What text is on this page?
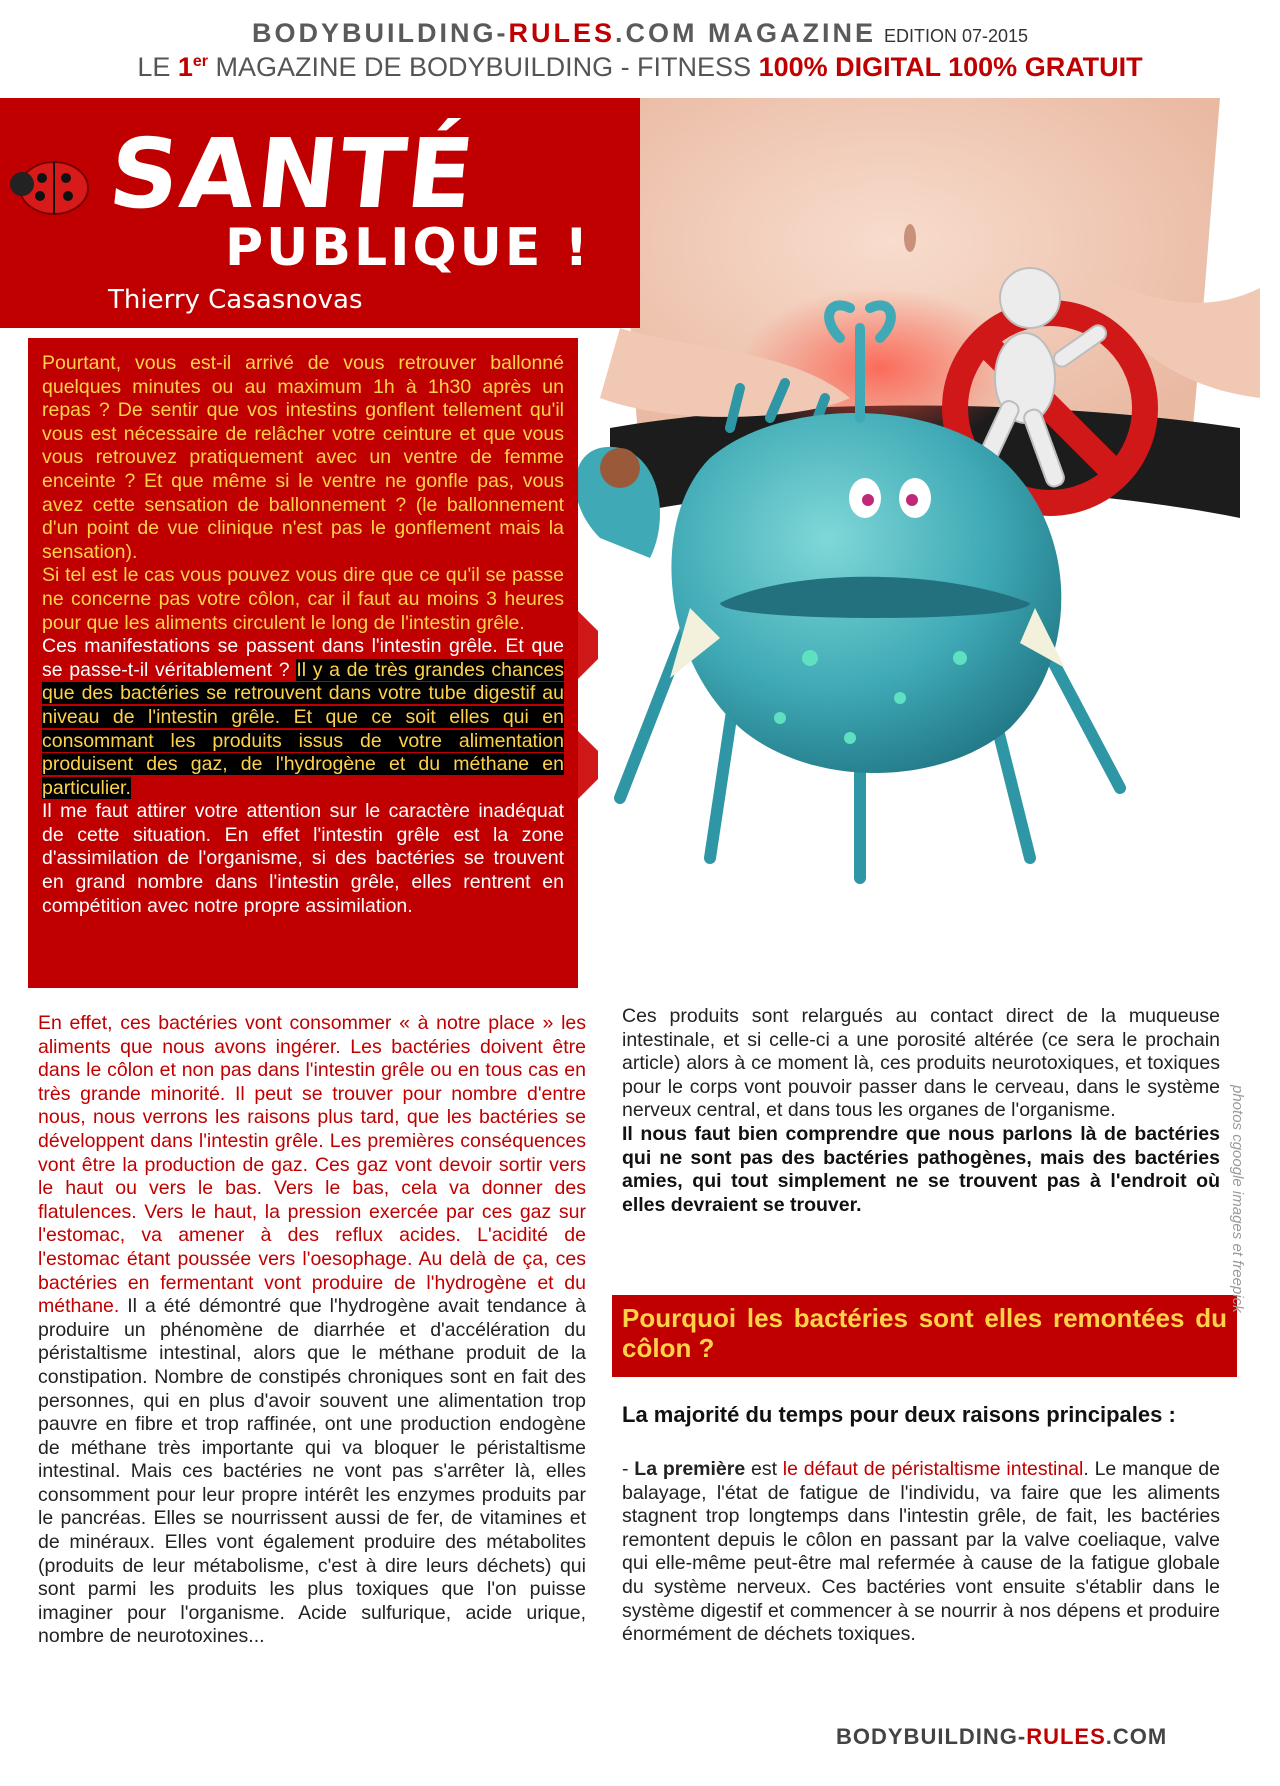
BODYBUILDING-RULES.COM MAGAZINE EDITION 07-2015
LE 1er MAGAZINE DE BODYBUILDING - FITNESS 100% DIGITAL 100% GRATUIT
SANTÉ
PUBLIQUE !
Thierry Casasnovas
Pourtant, vous est-il arrivé de vous retrouver ballonné quelques minutes ou au maximum 1h à 1h30 après un repas ? De sentir que vos intestins gonflent tellement qu'il vous est nécessaire de relâcher votre ceinture et que vous vous retrouvez pratiquement avec un ventre de femme enceinte ? Et que même si le ventre ne gonfle pas, vous avez cette sensation de ballonnement ? (le ballonnement d'un point de vue clinique n'est pas le gonflement mais la sensation).
Si tel est le cas vous pouvez vous dire que ce qu'il se passe ne concerne pas votre côlon, car il faut au moins 3 heures pour que les aliments circulent le long de l'intestin grêle.
Ces manifestations se passent dans l'intestin grêle. Et que se passe-t-il véritablement ? Il y a de très grandes chances que des bactéries se retrouvent dans votre tube digestif au niveau de l'intestin grêle. Et que ce soit elles qui en consommant les produits issus de votre alimentation produisent des gaz, de l'hydrogène et du méthane en particulier.
Il me faut attirer votre attention sur le caractère inadéquat de cette situation. En effet l'intestin grêle est la zone d'assimilation de l'organisme, si des bactéries se trouvent en grand nombre dans l'intestin grêle, elles rentrent en compétition avec notre propre assimilation.
En effet, ces bactéries vont consommer « à notre place » les aliments que nous avons ingérer. Les bactéries doivent être dans le côlon et non pas dans l'intestin grêle ou en tous cas en très grande minorité. Il peut se trouver pour nombre d'entre nous, nous verrons les raisons plus tard, que les bactéries se développent dans l'intestin grêle. Les premières conséquences vont être la production de gaz. Ces gaz vont devoir sortir vers le haut ou vers le bas. Vers le bas, cela va donner des flatulences. Vers le haut, la pression exercée par ces gaz sur l'estomac, va amener à des reflux acides. L'acidité de l'estomac étant poussée vers l'oesophage. Au delà de ça, ces bactéries en fermentant vont produire de l'hydrogène et du méthane. Il a été démontré que l'hydrogène avait tendance à produire un phénomène de diarrhée et d'accélération du péristaltisme intestinal, alors que le méthane produit de la constipation. Nombre de constipés chroniques sont en fait des personnes, qui en plus d'avoir souvent une alimentation trop pauvre en fibre et trop raffinée, ont une production endogène de méthane très importante qui va bloquer le péristaltisme intestinal. Mais ces bactéries ne vont pas s'arrêter là, elles consomment pour leur propre intérêt les enzymes produits par le pancréas. Elles se nourrissent aussi de fer, de vitamines et de minéraux. Elles vont également produire des métabolites (produits de leur métabolisme, c'est à dire leurs déchets) qui sont parmi les produits les plus toxiques que l'on puisse imaginer pour l'organisme. Acide sulfurique, acide urique, nombre de neurotoxines...
Ces produits sont relargués au contact direct de la muqueuse intestinale, et si celle-ci a une porosité altérée (ce sera le prochain article) alors à ce moment là, ces produits neurotoxiques, et toxiques pour le corps vont pouvoir passer dans le cerveau, dans le système nerveux central, et dans tous les organes de l'organisme.
Il nous faut bien comprendre que nous parlons là de bactéries qui ne sont pas des bactéries pathogènes, mais des bactéries amies, qui tout simplement ne se trouvent pas à l'endroit où elles devraient se trouver.
Pourquoi les bactéries sont elles remontées du côlon ?
La majorité du temps pour deux raisons principales :
- La première est le défaut de péristaltisme intestinal. Le manque de balayage, l'état de fatigue de l'individu, va faire que les aliments stagnent trop longtemps dans l'intestin grêle, de fait, les bactéries remontent depuis le côlon en passant par la valve coeliaque, valve qui elle-même peut-être mal refermée à cause de la fatigue globale du système nerveux. Ces bactéries vont ensuite s'établir dans le système digestif et commencer à se nourrir à nos dépens et produire énormément de déchets toxiques.
photos cgoogle images et freepick
BODYBUILDING-RULES.COM
